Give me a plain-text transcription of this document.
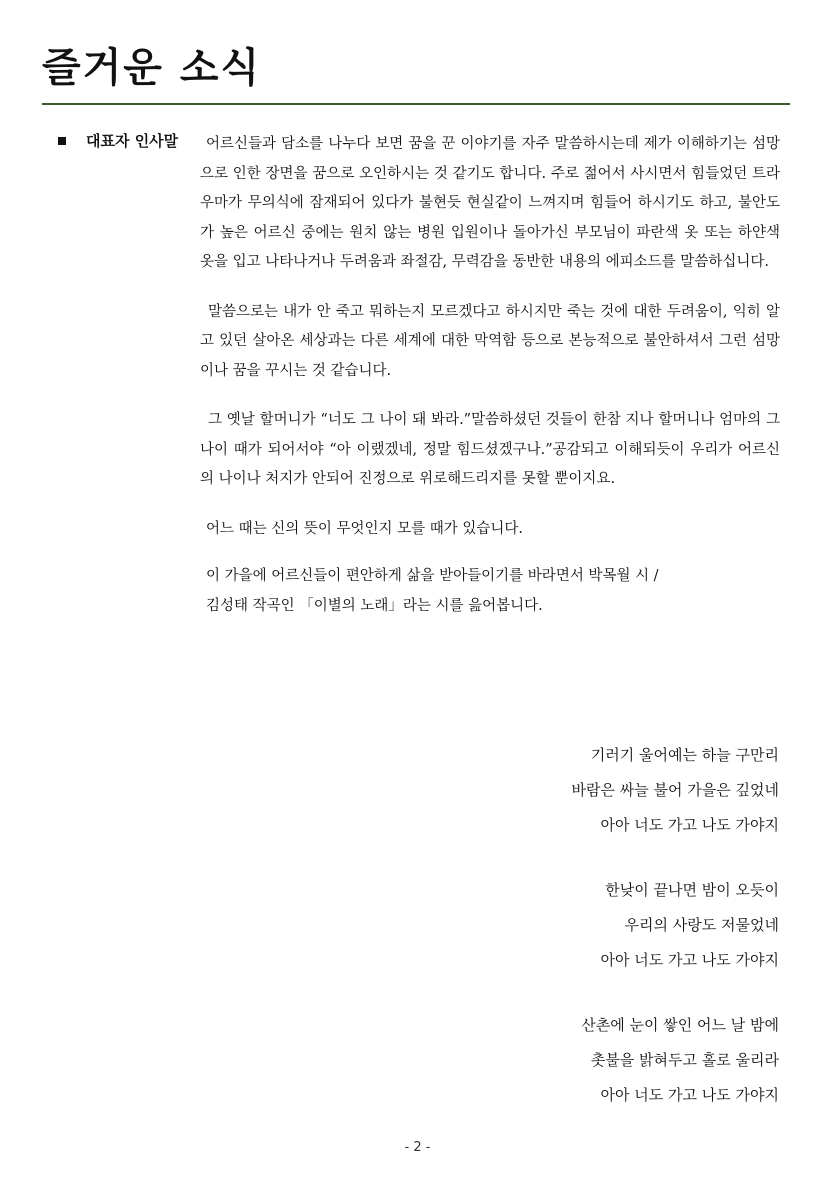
즐거운 소식
대표자 인사말	어르신들과 담소를 나누다 보면 꿈을 꾼 이야기를 자주 말씀하시는데 제가 이해하기는 섬망으로 인한 장면을 꿈으로 오인하시는 것 같기도 합니다. 주로 젊어서 사시면서 힘들었던 트라우마가 무의식에 잠재되어 있다가 불현듯 현실같이 느껴지며 힘들어 하시기도 하고, 불안도가 높은 어르신 중에는 원치 않는 병원 입원이나 돌아가신 부모님이 파란색 옷 또는 하얀색 옷을 입고 나타나거나 두려움과 좌절감, 무력감을 동반한 내용의 에피소드를 말씀하십니다.

말씀으로는 내가 안 죽고 뭐하는지 모르겠다고 하시지만 죽는 것에 대한 두려움이, 익히 알고 있던 살아온 세상과는 다른 세계에 대한 막역함 등으로 본능적으로 불안하셔서 그런 섬망이나 꿈을 꾸시는 것 같습니다.

그 옛날 할머니가 “너도 그 나이 돼 봐라.”말씀하셨던 것들이 한참 지나 할머니나 엄마의 그 나이 때가 되어서야 “아 이랬겠네, 정말 힘드셨겠구나.”공감되고 이해되듯이 우리가 어르신의 나이나 처지가 안되어 진정으로 위로해드리지를 못할 뿐이지요.

어느 때는 신의 뜻이 무엇인지 모를 때가 있습니다.

이 가을에 어르신들이 편안하게 삶을 받아들이기를 바라면서 박목월 시 /
김성태 작곡인 「이별의 노래」라는 시를 읊어봅니다.

기러기 울어예는 하늘 구만리
바람은 싸늘 불어 가을은 깊었네
아아 너도 가고 나도 가야지
한낮이 끝나면 밤이 오듯이
우리의 사랑도 저물었네
아아 너도 가고 나도 가야지
산촌에 눈이 쌓인 어느 날 밤에
촛불을 밝혀두고 홀로 울리라
아아 너도 가고 나도 가야지
- 2 -
